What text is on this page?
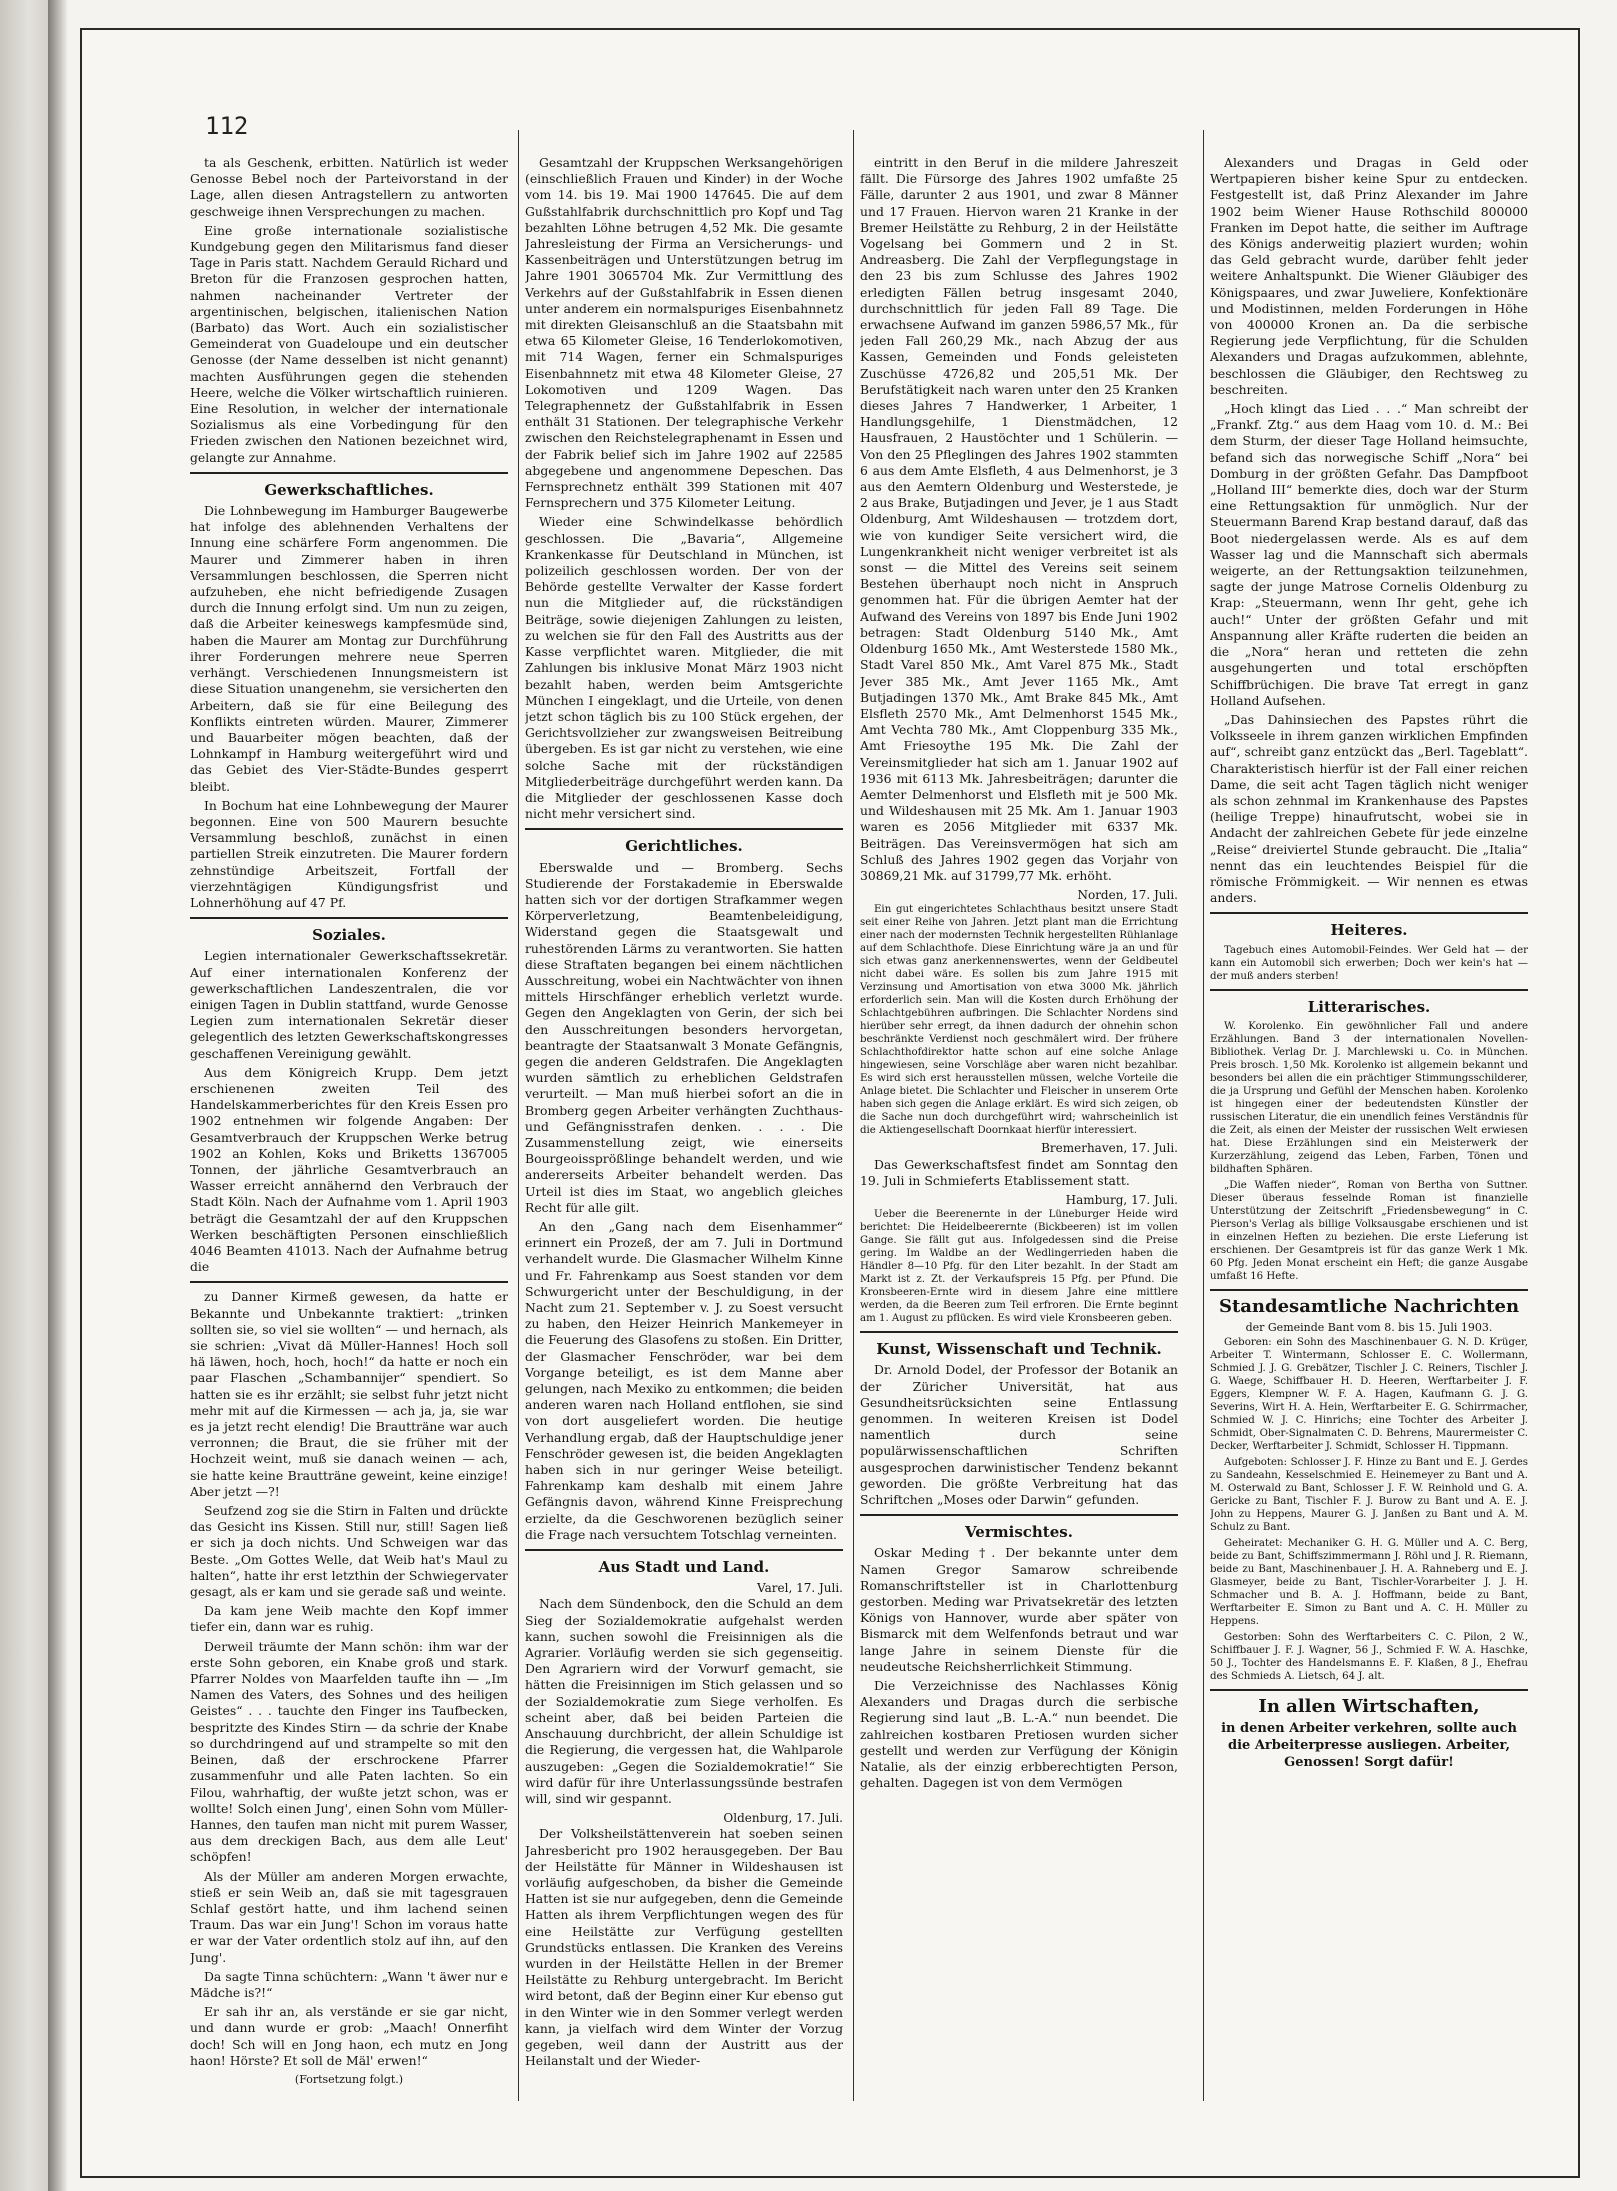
112

ta als Geschenk, erbitten. Natürlich ist weder Genosse Bebel noch der Parteivorstand in der Lage, allen diesen Antragstellern zu antworten geschweige ihnen Versprechungen zu machen.

Eine große internationale sozialistische Kundgebung gegen den Militarismus fand dieser Tage in Paris statt. Nachdem Gerauld Richard und Breton für die Franzosen gesprochen hatten, nahmen nacheinander Vertreter der argentinischen, belgischen, italienischen Nation (Barbato) das Wort. Auch ein sozialistischer Gemeinderat von Guadeloupe und ein deutscher Genosse (der Name desselben ist nicht genannt) machten Ausführungen gegen die stehenden Heere, welche die Völker wirtschaftlich ruinieren. Eine Resolution, in welcher der internationale Sozialismus als eine Vorbedingung für den Frieden zwischen den Nationen bezeichnet wird, gelangte zur Annahme.

Gewerkschaftliches.

Die Lohnbewegung im Hamburger Baugewerbe hat infolge des ablehnenden Verhaltens der Innung eine schärfere Form angenommen. Die Maurer und Zimmerer haben in ihren Versammlungen beschlossen, die Sperren nicht aufzuheben, ehe nicht befriedigende Zusagen durch die Innung erfolgt sind. Um nun zu zeigen, daß die Arbeiter keineswegs kampfesmüde sind, haben die Maurer am Montag zur Durchführung ihrer Forderungen mehrere neue Sperren verhängt. Verschiedenen Innungsmeistern ist diese Situation unangenehm, sie versicherten den Arbeitern, daß sie für eine Beilegung des Konflikts eintreten würden. Maurer, Zimmerer und Bauarbeiter mögen beachten, daß der Lohnkampf in Hamburg weitergeführt wird und das Gebiet des Vier-Städte-Bundes gesperrt bleibt.

In Bochum hat eine Lohnbewegung der Maurer begonnen. Eine von 500 Maurern besuchte Versammlung beschloß, zunächst in einen partiellen Streik einzutreten. Die Maurer fordern zehnstündige Arbeitszeit, Fortfall der vierzehntägigen Kündigungsfrist und Lohnerhöhung auf 47 Pf.

Soziales.

Legien internationaler Gewerkschaftssekretär. Auf einer internationalen Konferenz der gewerkschaftlichen Landeszentralen, die vor einigen Tagen in Dublin stattfand, wurde Genosse Legien zum internationalen Sekretär dieser gelegentlich des letzten Gewerkschaftskongresses geschaffenen Vereinigung gewählt.

Aus dem Königreich Krupp. Dem jetzt erschienenen zweiten Teil des Handelskammerberichtes für den Kreis Essen pro 1902 entnehmen wir folgende Angaben: Der Gesamtverbrauch der Kruppschen Werke betrug 1902 an Kohlen, Koks und Briketts 1367005 Tonnen, der jährliche Gesamtverbrauch an Wasser erreicht annähernd den Verbrauch der Stadt Köln. Nach der Aufnahme vom 1. April 1903 beträgt die Gesamtzahl der auf den Kruppschen Werken beschäftigten Personen einschließlich 4046 Beamten 41013. Nach der Aufnahme betrug die

zu Danner Kirmeß gewesen, da hatte er Bekannte und Unbekannte traktiert: „trinken sollten sie, so viel sie wollten“ — und hernach, als sie schrien: „Vivat dä Müller-Hannes! Hoch soll hä läwen, hoch, hoch, hoch!“ da hatte er noch ein paar Flaschen „Schambannijer“ spendiert. So hatten sie es ihr erzählt; sie selbst fuhr jetzt nicht mehr mit auf die Kirmessen — ach ja, ja, sie war es ja jetzt recht elendig! Die Brautträne war auch verronnen; die Braut, die sie früher mit der Hochzeit weint, muß sie danach weinen — ach, sie hatte keine Brautträne geweint, keine einzige! Aber jetzt —?!

Seufzend zog sie die Stirn in Falten und drückte das Gesicht ins Kissen. Still nur, still! Sagen ließ er sich ja doch nichts. Und Schweigen war das Beste. „Om Gottes Welle, dat Weib hat's Maul zu halten“, hatte ihr erst letzthin der Schwiegervater gesagt, als er kam und sie gerade saß und weinte.

Da kam jene Weib machte den Kopf immer tiefer ein, dann war es ruhig.

Derweil träumte der Mann schön: ihm war der erste Sohn geboren, ein Knabe groß und stark. Pfarrer Noldes von Maarfelden taufte ihn — „Im Namen des Vaters, des Sohnes und des heiligen Geistes“ . . . tauchte den Finger ins Taufbecken, bespritzte des Kindes Stirn — da schrie der Knabe so durchdringend auf und strampelte so mit den Beinen, daß der erschrockene Pfarrer zusammenfuhr und alle Paten lachten. So ein Filou, wahrhaftig, der wußte jetzt schon, was er wollte! Solch einen Jung', einen Sohn vom Müller-Hannes, den taufen man nicht mit purem Wasser, aus dem dreckigen Bach, aus dem alle Leut' schöpfen!

Als der Müller am anderen Morgen erwachte, stieß er sein Weib an, daß sie mit tagesgrauen Schlaf gestört hatte, und ihm lachend seinen Traum. Das war ein Jung'! Schon im voraus hatte er war der Vater ordentlich stolz auf ihn, auf den Jung'.

Da sagte Tinna schüchtern: „Wann 't äwer nur e Mädche is?!“

Er sah ihr an, als verstände er sie gar nicht, und dann wurde er grob: „Maach! Onnerfiht doch! Sch will en Jong haon, ech mutz en Jong haon! Hörste? Et soll de Mäl' erwen!“

(Fortsetzung folgt.)

Gesamtzahl der Kruppschen Werksangehörigen (einschließlich Frauen und Kinder) in der Woche vom 14. bis 19. Mai 1900 147645. Die auf dem Gußstahlfabrik durchschnittlich pro Kopf und Tag bezahlten Löhne betrugen 4,52 Mk. Die gesamte Jahresleistung der Firma an Versicherungs- und Kassenbeiträgen und Unterstützungen betrug im Jahre 1901 3065704 Mk. Zur Vermittlung des Verkehrs auf der Gußstahlfabrik in Essen dienen unter anderem ein normalspuriges Eisenbahnnetz mit direkten Gleisanschluß an die Staatsbahn mit etwa 65 Kilometer Gleise, 16 Tenderlokomotiven, mit 714 Wagen, ferner ein Schmalspuriges Eisenbahnnetz mit etwa 48 Kilometer Gleise, 27 Lokomotiven und 1209 Wagen. Das Telegraphennetz der Gußstahlfabrik in Essen enthält 31 Stationen. Der telegraphische Verkehr zwischen den Reichstelegraphenamt in Essen und der Fabrik belief sich im Jahre 1902 auf 22585 abgegebene und angenommene Depeschen. Das Fernsprechnetz enthält 399 Stationen mit 407 Fernsprechern und 375 Kilometer Leitung.

Wieder eine Schwindelkasse behördlich geschlossen. Die „Bavaria“, Allgemeine Krankenkasse für Deutschland in München, ist polizeilich geschlossen worden. Der von der Behörde gestellte Verwalter der Kasse fordert nun die Mitglieder auf, die rückständigen Beiträge, sowie diejenigen Zahlungen zu leisten, zu welchen sie für den Fall des Austritts aus der Kasse verpflichtet waren. Mitglieder, die mit Zahlungen bis inklusive Monat März 1903 nicht bezahlt haben, werden beim Amtsgerichte München I eingeklagt, und die Urteile, von denen jetzt schon täglich bis zu 100 Stück ergehen, der Gerichtsvollzieher zur zwangsweisen Beitreibung übergeben. Es ist gar nicht zu verstehen, wie eine solche Sache mit der rückständigen Mitgliederbeiträge durchgeführt werden kann. Da die Mitglieder der geschlossenen Kasse doch nicht mehr versichert sind.

Gerichtliches.

Eberswalde und — Bromberg. Sechs Studierende der Forstakademie in Eberswalde hatten sich vor der dortigen Strafkammer wegen Körperverletzung, Beamtenbeleidigung, Widerstand gegen die Staatsgewalt und ruhestörenden Lärms zu verantworten. Sie hatten diese Straftaten begangen bei einem nächtlichen Ausschreitung, wobei ein Nachtwächter von ihnen mittels Hirschfänger erheblich verletzt wurde. Gegen den Angeklagten von Gerin, der sich bei den Ausschreitungen besonders hervorgetan, beantragte der Staatsanwalt 3 Monate Gefängnis, gegen die anderen Geldstrafen. Die Angeklagten wurden sämtlich zu erheblichen Geldstrafen verurteilt. — Man muß hierbei sofort an die in Bromberg gegen Arbeiter verhängten Zuchthaus- und Gefängnisstrafen denken. . . . Die Zusammenstellung zeigt, wie einerseits Bourgeoissprößlinge behandelt werden, und wie andererseits Arbeiter behandelt werden. Das Urteil ist dies im Staat, wo angeblich gleiches Recht für alle gilt.

An den „Gang nach dem Eisenhammer“ erinnert ein Prozeß, der am 7. Juli in Dortmund verhandelt wurde. Die Glasmacher Wilhelm Kinne und Fr. Fahrenkamp aus Soest standen vor dem Schwurgericht unter der Beschuldigung, in der Nacht zum 21. September v. J. zu Soest versucht zu haben, den Heizer Heinrich Mankemeyer in die Feuerung des Glasofens zu stoßen. Ein Dritter, der Glasmacher Fenschröder, war bei dem Vorgange beteiligt, es ist dem Manne aber gelungen, nach Mexiko zu entkommen; die beiden anderen waren nach Holland entflohen, sie sind von dort ausgeliefert worden. Die heutige Verhandlung ergab, daß der Hauptschuldige jener Fenschröder gewesen ist, die beiden Angeklagten haben sich in nur geringer Weise beteiligt. Fahrenkamp kam deshalb mit einem Jahre Gefängnis davon, während Kinne Freisprechung erzielte, da die Geschworenen bezüglich seiner die Frage nach versuchtem Totschlag verneinten.

Aus Stadt und Land.
Varel, 17. Juli.

Nach dem Sündenbock, den die Schuld an dem Sieg der Sozialdemokratie aufgehalst werden kann, suchen sowohl die Freisinnigen als die Agrarier. Vorläufig werden sie sich gegenseitig. Den Agrariern wird der Vorwurf gemacht, sie hätten die Freisinnigen im Stich gelassen und so der Sozialdemokratie zum Siege verholfen. Es scheint aber, daß bei beiden Parteien die Anschauung durchbricht, der allein Schuldige ist die Regierung, die vergessen hat, die Wahlparole auszugeben: „Gegen die Sozialdemokratie!“ Sie wird dafür für ihre Unterlassungssünde bestrafen will, sind wir gespannt.

Oldenburg, 17. Juli.

Der Volksheilstättenverein hat soeben seinen Jahresbericht pro 1902 herausgegeben. Der Bau der Heilstätte für Männer in Wildeshausen ist vorläufig aufgeschoben, da bisher die Gemeinde Hatten ist sie nur aufgegeben, denn die Gemeinde Hatten als ihrem Verpflichtungen wegen des für eine Heilstätte zur Verfügung gestellten Grundstücks entlassen. Die Kranken des Vereins wurden in der Heilstätte Hellen in der Bremer Heilstätte zu Rehburg untergebracht. Im Bericht wird betont, daß der Beginn einer Kur ebenso gut in den Winter wie in den Sommer verlegt werden kann, ja vielfach wird dem Winter der Vorzug gegeben, weil dann der Austritt aus der Heilanstalt und der Wieder-

eintritt in den Beruf in die mildere Jahreszeit fällt. Die Fürsorge des Jahres 1902 umfaßte 25 Fälle, darunter 2 aus 1901, und zwar 8 Männer und 17 Frauen. Hiervon waren 21 Kranke in der Bremer Heilstätte zu Rehburg, 2 in der Heilstätte Vogelsang bei Gommern und 2 in St. Andreasberg. Die Zahl der Verpflegungstage in den 23 bis zum Schlusse des Jahres 1902 erledigten Fällen betrug insgesamt 2040, durchschnittlich für jeden Fall 89 Tage. Die erwachsene Aufwand im ganzen 5986,57 Mk., für jeden Fall 260,29 Mk., nach Abzug der aus Kassen, Gemeinden und Fonds geleisteten Zuschüsse 4726,82 und 205,51 Mk. Der Berufstätigkeit nach waren unter den 25 Kranken dieses Jahres 7 Handwerker, 1 Arbeiter, 1 Handlungsgehilfe, 1 Dienstmädchen, 12 Hausfrauen, 2 Haustöchter und 1 Schülerin. — Von den 25 Pfleglingen des Jahres 1902 stammten 6 aus dem Amte Elsfleth, 4 aus Delmenhorst, je 3 aus den Aemtern Oldenburg und Westerstede, je 2 aus Brake, Butjadingen und Jever, je 1 aus Stadt Oldenburg, Amt Wildeshausen — trotzdem dort, wie von kundiger Seite versichert wird, die Lungenkrankheit nicht weniger verbreitet ist als sonst — die Mittel des Vereins seit seinem Bestehen überhaupt noch nicht in Anspruch genommen hat. Für die übrigen Aemter hat der Aufwand des Vereins von 1897 bis Ende Juni 1902 betragen: Stadt Oldenburg 5140 Mk., Amt Oldenburg 1650 Mk., Amt Westerstede 1580 Mk., Stadt Varel 850 Mk., Amt Varel 875 Mk., Stadt Jever 385 Mk., Amt Jever 1165 Mk., Amt Butjadingen 1370 Mk., Amt Brake 845 Mk., Amt Elsfleth 2570 Mk., Amt Delmenhorst 1545 Mk., Amt Vechta 780 Mk., Amt Cloppenburg 335 Mk., Amt Friesoythe 195 Mk. Die Zahl der Vereinsmitglieder hat sich am 1. Januar 1902 auf 1936 mit 6113 Mk. Jahresbeiträgen; darunter die Aemter Delmenhorst und Elsfleth mit je 500 Mk. und Wildeshausen mit 25 Mk. Am 1. Januar 1903 waren es 2056 Mitglieder mit 6337 Mk. Beiträgen. Das Vereinsvermögen hat sich am Schluß des Jahres 1902 gegen das Vorjahr von 30869,21 Mk. auf 31799,77 Mk. erhöht.

Norden, 17. Juli.

Ein gut eingerichtetes Schlachthaus besitzt unsere Stadt seit einer Reihe von Jahren. Jetzt plant man die Errichtung einer nach der modernsten Technik hergestellten Rühlanlage auf dem Schlachthofe. Diese Einrichtung wäre ja an und für sich etwas ganz anerkennenswertes, wenn der Geldbeutel nicht dabei wäre. Es sollen bis zum Jahre 1915 mit Verzinsung und Amortisation von etwa 3000 Mk. jährlich erforderlich sein. Man will die Kosten durch Erhöhung der Schlachtgebühren aufbringen. Die Schlachter Nordens sind hierüber sehr erregt, da ihnen dadurch der ohnehin schon beschränkte Verdienst noch geschmälert wird. Der frühere Schlachthofdirektor hatte schon auf eine solche Anlage hingewiesen, seine Vorschläge aber waren nicht bezahlbar. Es wird sich erst herausstellen müssen, welche Vorteile die Anlage bietet. Die Schlachter und Fleischer in unserem Orte haben sich gegen die Anlage erklärt. Es wird sich zeigen, ob die Sache nun doch durchgeführt wird; wahrscheinlich ist die Aktiengesellschaft Doornkaat hierfür interessiert.

Bremerhaven, 17. Juli.

Das Gewerkschaftsfest findet am Sonntag den 19. Juli in Schmieferts Etablissement statt.

Hamburg, 17. Juli.

Ueber die Beerenernte in der Lüneburger Heide wird berichtet: Die Heidelbeerernte (Bickbeeren) ist im vollen Gange. Sie fällt gut aus. Infolgedessen sind die Preise gering. Im Waldbe an der Wedlingerrieden haben die Händler 8—10 Pfg. für den Liter bezahlt. In der Stadt am Markt ist z. Zt. der Verkaufspreis 15 Pfg. per Pfund. Die Kronsbeeren-Ernte wird in diesem Jahre eine mittlere werden, da die Beeren zum Teil erfroren. Die Ernte beginnt am 1. August zu pflücken. Es wird viele Kronsbeeren geben.

Kunst, Wissenschaft und Technik.

Dr. Arnold Dodel, der Professor der Botanik an der Züricher Universität, hat aus Gesundheitsrücksichten seine Entlassung genommen. In weiteren Kreisen ist Dodel namentlich durch seine populärwissenschaftlichen Schriften ausgesprochen darwinistischer Tendenz bekannt geworden. Die größte Verbreitung hat das Schriftchen „Moses oder Darwin“ gefunden.

Vermischtes.

Oskar Meding †. Der bekannte unter dem Namen Gregor Samarow schreibende Romanschriftsteller ist in Charlottenburg gestorben. Meding war Privatsekretär des letzten Königs von Hannover, wurde aber später von Bismarck mit dem Welfenfonds betraut und war lange Jahre in seinem Dienste für die neudeutsche Reichsherrlichkeit Stimmung.

Die Verzeichnisse des Nachlasses König Alexanders und Dragas durch die serbische Regierung sind laut „B. L.-A.“ nun beendet. Die zahlreichen kostbaren Pretiosen wurden sicher gestellt und werden zur Verfügung der Königin Natalie, als der einzig erbberechtigten Person, gehalten. Dagegen ist von dem Vermögen

Alexanders und Dragas in Geld oder Wertpapieren bisher keine Spur zu entdecken. Festgestellt ist, daß Prinz Alexander im Jahre 1902 beim Wiener Hause Rothschild 800000 Franken im Depot hatte, die seither im Auftrage des Königs anderweitig plaziert wurden; wohin das Geld gebracht wurde, darüber fehlt jeder weitere Anhaltspunkt. Die Wiener Gläubiger des Königspaares, und zwar Juweliere, Konfektionäre und Modistinnen, melden Forderungen in Höhe von 400000 Kronen an. Da die serbische Regierung jede Verpflichtung, für die Schulden Alexanders und Dragas aufzukommen, ablehnte, beschlossen die Gläubiger, den Rechtsweg zu beschreiten.

„Hoch klingt das Lied . . .“ Man schreibt der „Frankf. Ztg.“ aus dem Haag vom 10. d. M.: Bei dem Sturm, der dieser Tage Holland heimsuchte, befand sich das norwegische Schiff „Nora“ bei Domburg in der größten Gefahr. Das Dampfboot „Holland III“ bemerkte dies, doch war der Sturm eine Rettungsaktion für unmöglich. Nur der Steuermann Barend Krap bestand darauf, daß das Boot niedergelassen werde. Als es auf dem Wasser lag und die Mannschaft sich abermals weigerte, an der Rettungsaktion teilzunehmen, sagte der junge Matrose Cornelis Oldenburg zu Krap: „Steuermann, wenn Ihr geht, gehe ich auch!“ Unter der größten Gefahr und mit Anspannung aller Kräfte ruderten die beiden an die „Nora“ heran und retteten die zehn ausgehungerten und total erschöpften Schiffbrüchigen. Die brave Tat erregt in ganz Holland Aufsehen.

„Das Dahinsiechen des Papstes rührt die Volksseele in ihrem ganzen wirklichen Empfinden auf“, schreibt ganz entzückt das „Berl. Tageblatt“. Charakteristisch hierfür ist der Fall einer reichen Dame, die seit acht Tagen täglich nicht weniger als schon zehnmal im Krankenhause des Papstes (heilige Treppe) hinaufrutscht, wobei sie in Andacht der zahlreichen Gebete für jede einzelne „Reise“ dreiviertel Stunde gebraucht. Die „Italia“ nennt das ein leuchtendes Beispiel für die römische Frömmigkeit. — Wir nennen es etwas anders.

Heiteres.

Tagebuch eines Automobil-Feindes. Wer Geld hat — der kann ein Automobil sich erwerben; Doch wer kein's hat — der muß anders sterben!

Litterarisches.

W. Korolenko. Ein gewöhnlicher Fall und andere Erzählungen. Band 3 der internationalen Novellen-Bibliothek. Verlag Dr. J. Marchlewski u. Co. in München. Preis brosch. 1,50 Mk. Korolenko ist allgemein bekannt und besonders bei allen die ein prächtiger Stimmungsschilderer, die ja Ursprung und Gefühl der Menschen haben. Korolenko ist hingegen einer der bedeutendsten Künstler der russischen Literatur, die ein unendlich feines Verständnis für die Zeit, als einen der Meister der russischen Welt erwiesen hat. Diese Erzählungen sind ein Meisterwerk der Kurzerzählung, zeigend das Leben, Farben, Tönen und bildhaften Sphären.

„Die Waffen nieder“, Roman von Bertha von Suttner. Dieser überaus fesselnde Roman ist finanzielle Unterstützung der Zeitschrift „Friedensbewegung“ in C. Pierson's Verlag als billige Volksausgabe erschienen und ist in einzelnen Heften zu beziehen. Die erste Lieferung ist erschienen. Der Gesamtpreis ist für das ganze Werk 1 Mk. 60 Pfg. Jeden Monat erscheint ein Heft; die ganze Ausgabe umfaßt 16 Hefte.

Standesamtliche Nachrichten
der Gemeinde Bant vom 8. bis 15. Juli 1903.

Geboren: ein Sohn des Maschinenbauer G. N. D. Krüger, Arbeiter T. Wintermann, Schlosser E. C. Wollermann, Schmied J. J. G. Grebätzer, Tischler J. C. Reiners, Tischler J. G. Waege, Schiffbauer H. D. Heeren, Werftarbeiter J. F. Eggers, Klempner W. F. A. Hagen, Kaufmann G. J. G. Severins, Wirt H. A. Hein, Werftarbeiter E. G. Schirrmacher, Schmied W. J. C. Hinrichs; eine Tochter des Arbeiter J. Schmidt, Ober-Signalmaten C. D. Behrens, Maurermeister C. Decker, Werftarbeiter J. Schmidt, Schlosser H. Tippmann.

Aufgeboten: Schlosser J. F. Hinze zu Bant und E. J. Gerdes zu Sandeahn, Kesselschmied E. Heinemeyer zu Bant und A. M. Osterwald zu Bant, Schlosser J. F. W. Reinhold und G. A. Gericke zu Bant, Tischler F. J. Burow zu Bant und A. E. J. John zu Heppens, Maurer G. J. Janßen zu Bant und A. M. Schulz zu Bant.

Geheiratet: Mechaniker G. H. G. Müller und A. C. Berg, beide zu Bant, Schiffszimmermann J. Röhl und J. R. Riemann, beide zu Bant, Maschinenbauer J. H. A. Rahneberg und E. J. Glasmeyer, beide zu Bant, Tischler-Vorarbeiter J. J. H. Schmacher und B. A. J. Hoffmann, beide zu Bant, Werftarbeiter E. Simon zu Bant und A. C. H. Müller zu Heppens.

Gestorben: Sohn des Werftarbeiters C. C. Pilon, 2 W., Schiffbauer J. F. J. Wagner, 56 J., Schmied F. W. A. Haschke, 50 J., Tochter des Handelsmanns E. F. Klaßen, 8 J., Ehefrau des Schmieds A. Lietsch, 64 J. alt.

In allen Wirtschaften,
in denen Arbeiter verkehren, sollte auch die Arbeiterpresse ausliegen. Arbeiter, Genossen! Sorgt dafür!
